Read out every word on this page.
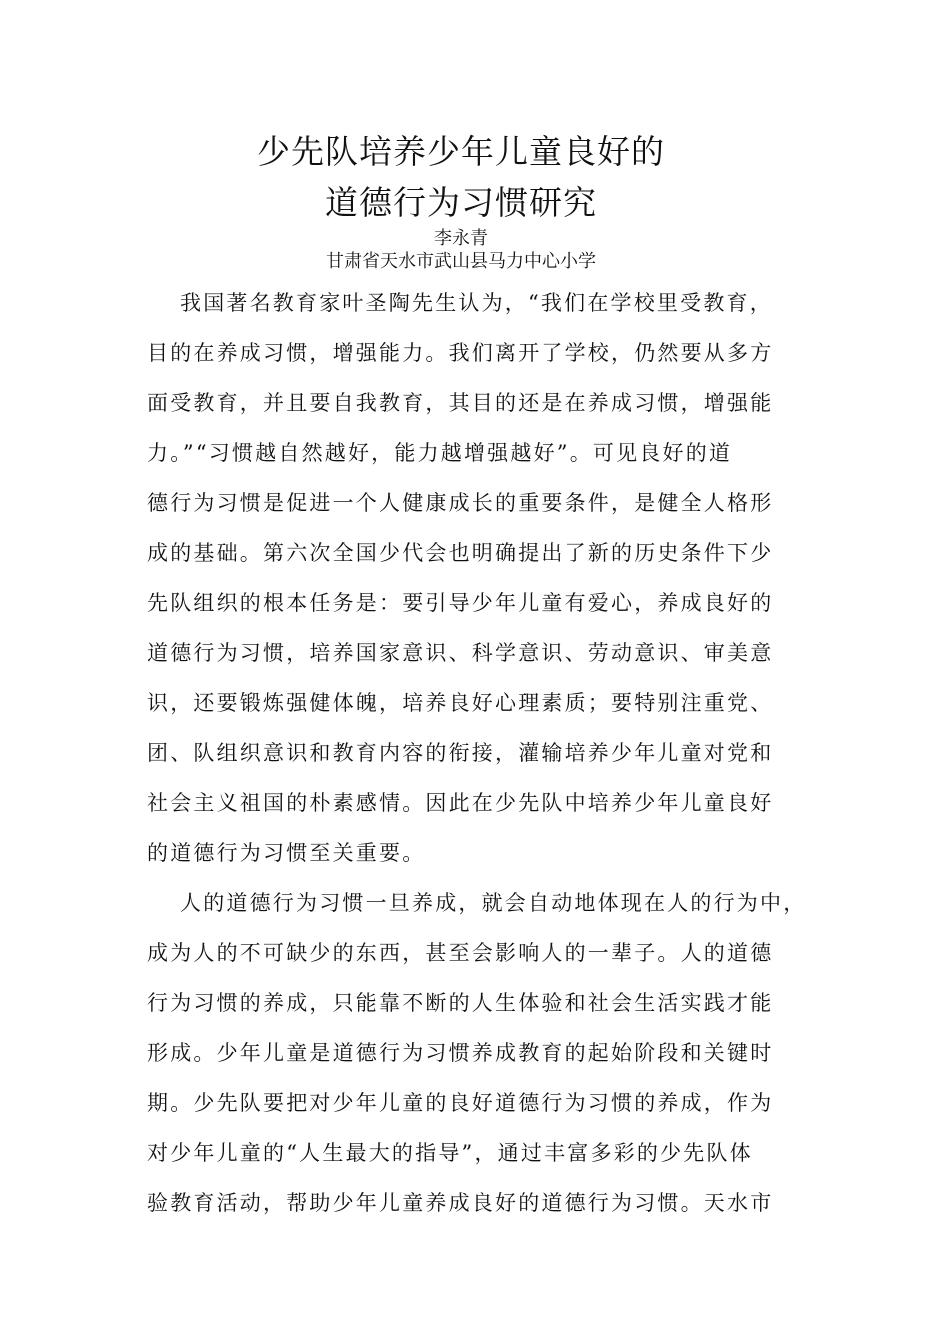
少先队培养少年儿童良好的
道德行为习惯研究
李永青
甘肃省天水市武山县马力中心小学
我国著名教育家叶圣陶先生认为，“我们在学校里受教育，
目的在养成习惯，增强能力。我们离开了学校，仍然要从多方
面受教育，并且要自我教育，其目的还是在养成习惯，增强能
力。”“习惯越自然越好，能力越增强越好”。可见良好的道
德行为习惯是促进一个人健康成长的重要条件，是健全人格形
成的基础。第六次全国少代会也明确提出了新的历史条件下少
先队组织的根本任务是：要引导少年儿童有爱心，养成良好的
道德行为习惯，培养国家意识、科学意识、劳动意识、审美意
识，还要锻炼强健体魄，培养良好心理素质；要特别注重党、
团、队组织意识和教育内容的衔接，灌输培养少年儿童对党和
社会主义祖国的朴素感情。因此在少先队中培养少年儿童良好
的道德行为习惯至关重要。
人的道德行为习惯一旦养成，就会自动地体现在人的行为中，
成为人的不可缺少的东西，甚至会影响人的一辈子。人的道德
行为习惯的养成，只能靠不断的人生体验和社会生活实践才能
形成。少年儿童是道德行为习惯养成教育的起始阶段和关键时
期。少先队要把对少年儿童的良好道德行为习惯的养成，作为
对少年儿童的“人生最大的指导”，通过丰富多彩的少先队体
验教育活动，帮助少年儿童养成良好的道德行为习惯。天水市
